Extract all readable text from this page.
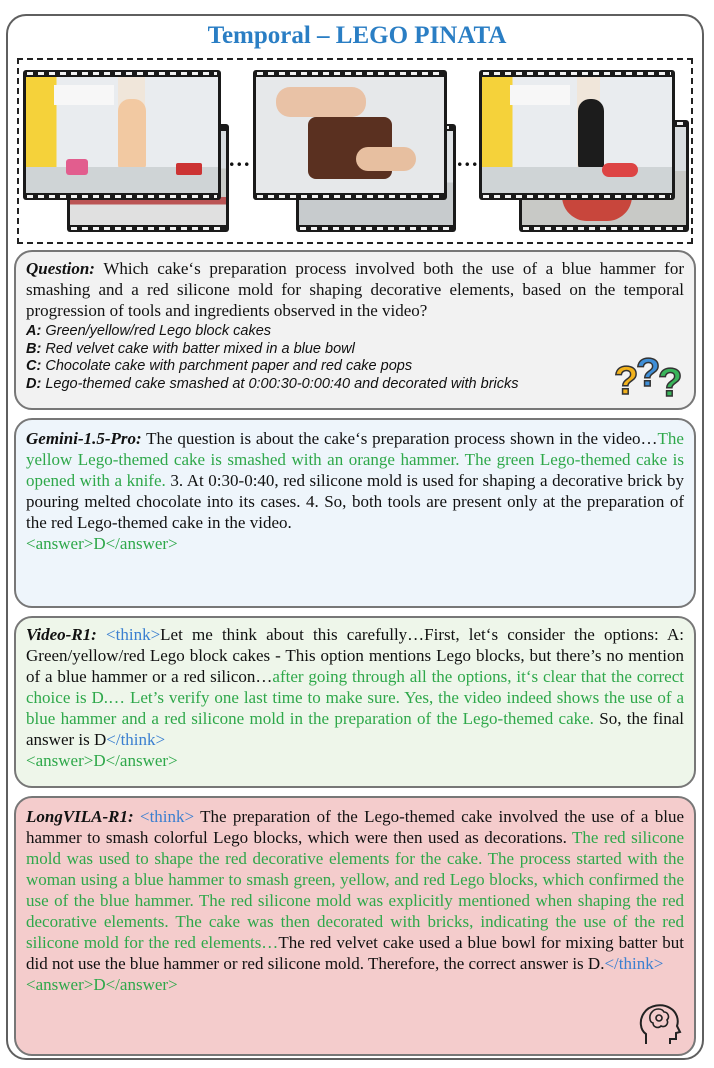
Temporal – LEGO PINATA
...	...

Question: Which cake‘s preparation process involved both the use of a blue hammer for smashing and a red silicone mold for shaping decorative elements, based on the temporal progression of tools and ingredients observed in the video?

A: Green/yellow/red Lego block cakes
B: Red velvet cake with batter mixed in a blue bowl
C: Chocolate cake with parchment paper and red cake pops
D: Lego-themed cake smashed at 0:00:30-0:00:40 and decorated with bricks	?
?
?

Gemini-1.5-Pro: The question is about the cake‘s preparation process shown in the video…The yellow Lego-themed cake is smashed with an orange hammer. The green Lego-themed cake is opened with a knife. 3. At 0:30-0:40, red silicone mold is used for shaping a decorative brick by pouring melted chocolate into its cases. 4. So, both tools are present only at the preparation of the red Lego-themed cake in the video.

<answer>D</answer>

Video-R1: <think>Let me think about this carefully…First, let‘s consider the options: A: Green/yellow/red Lego block cakes - This option mentions Lego blocks, but there’s no mention of a blue hammer or a red silicon…after going through all the options, it‘s clear that the correct choice is D.… Let’s verify one last time to make sure. Yes, the video indeed shows the use of a blue hammer and a red silicone mold in the preparation of the Lego-themed cake. So, the final answer is D</think>

<answer>D</answer>

LongVILA-R1: <think> The preparation of the Lego-themed cake involved the use of a blue hammer to smash colorful Lego blocks, which were then used as decorations. The red silicone mold was used to shape the red decorative elements for the cake. The process started with the woman using a blue hammer to smash green, yellow, and red Lego blocks, which confirmed the use of the blue hammer. The red silicone mold was explicitly mentioned when shaping the red decorative elements. The cake was then decorated with bricks, indicating the use of the red silicone mold for the red elements…The red velvet cake used a blue bowl for mixing batter but did not use the blue hammer or red silicone mold. Therefore, the correct answer is D.</think>

<answer>D</answer>
